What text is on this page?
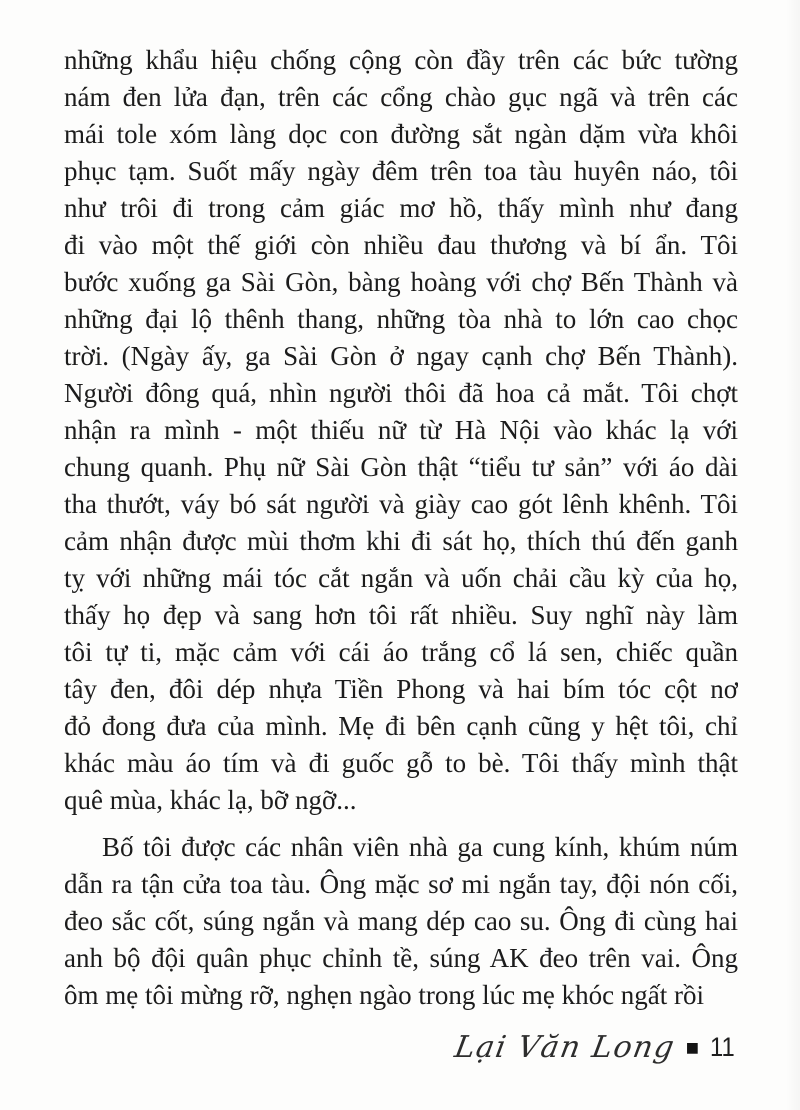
những khẩu hiệu chống cộng còn đầy trên các bức tường
nám đen lửa đạn, trên các cổng chào gục ngã và trên các
mái tole xóm làng dọc con đường sắt ngàn dặm vừa khôi
phục tạm. Suốt mấy ngày đêm trên toa tàu huyên náo, tôi
như trôi đi trong cảm giác mơ hồ, thấy mình như đang
đi vào một thế giới còn nhiều đau thương và bí ẩn. Tôi
bước xuống ga Sài Gòn, bàng hoàng với chợ Bến Thành và
những đại lộ thênh thang, những tòa nhà to lớn cao chọc
trời. (Ngày ấy, ga Sài Gòn ở ngay cạnh chợ Bến Thành).
Người đông quá, nhìn người thôi đã hoa cả mắt. Tôi chợt
nhận ra mình - một thiếu nữ từ Hà Nội vào khác lạ với
chung quanh. Phụ nữ Sài Gòn thật “tiểu tư sản” với áo dài
tha thướt, váy bó sát người và giày cao gót lênh khênh. Tôi
cảm nhận được mùi thơm khi đi sát họ, thích thú đến ganh
tỵ với những mái tóc cắt ngắn và uốn chải cầu kỳ của họ,
thấy họ đẹp và sang hơn tôi rất nhiều. Suy nghĩ này làm
tôi tự ti, mặc cảm với cái áo trắng cổ lá sen, chiếc quần
tây đen, đôi dép nhựa Tiền Phong và hai bím tóc cột nơ
đỏ đong đưa của mình. Mẹ đi bên cạnh cũng y hệt tôi, chỉ
khác màu áo tím và đi guốc gỗ to bè. Tôi thấy mình thật
quê mùa, khác lạ, bỡ ngỡ...
Bố tôi được các nhân viên nhà ga cung kính, khúm núm
dẫn ra tận cửa toa tàu. Ông mặc sơ mi ngắn tay, đội nón cối,
đeo sắc cốt, súng ngắn và mang dép cao su. Ông đi cùng hai
anh bộ đội quân phục chỉnh tề, súng AK đeo trên vai. Ông
ôm mẹ tôi mừng rỡ, nghẹn ngào trong lúc mẹ khóc ngất rồi
Lại Văn Long ■ 11
